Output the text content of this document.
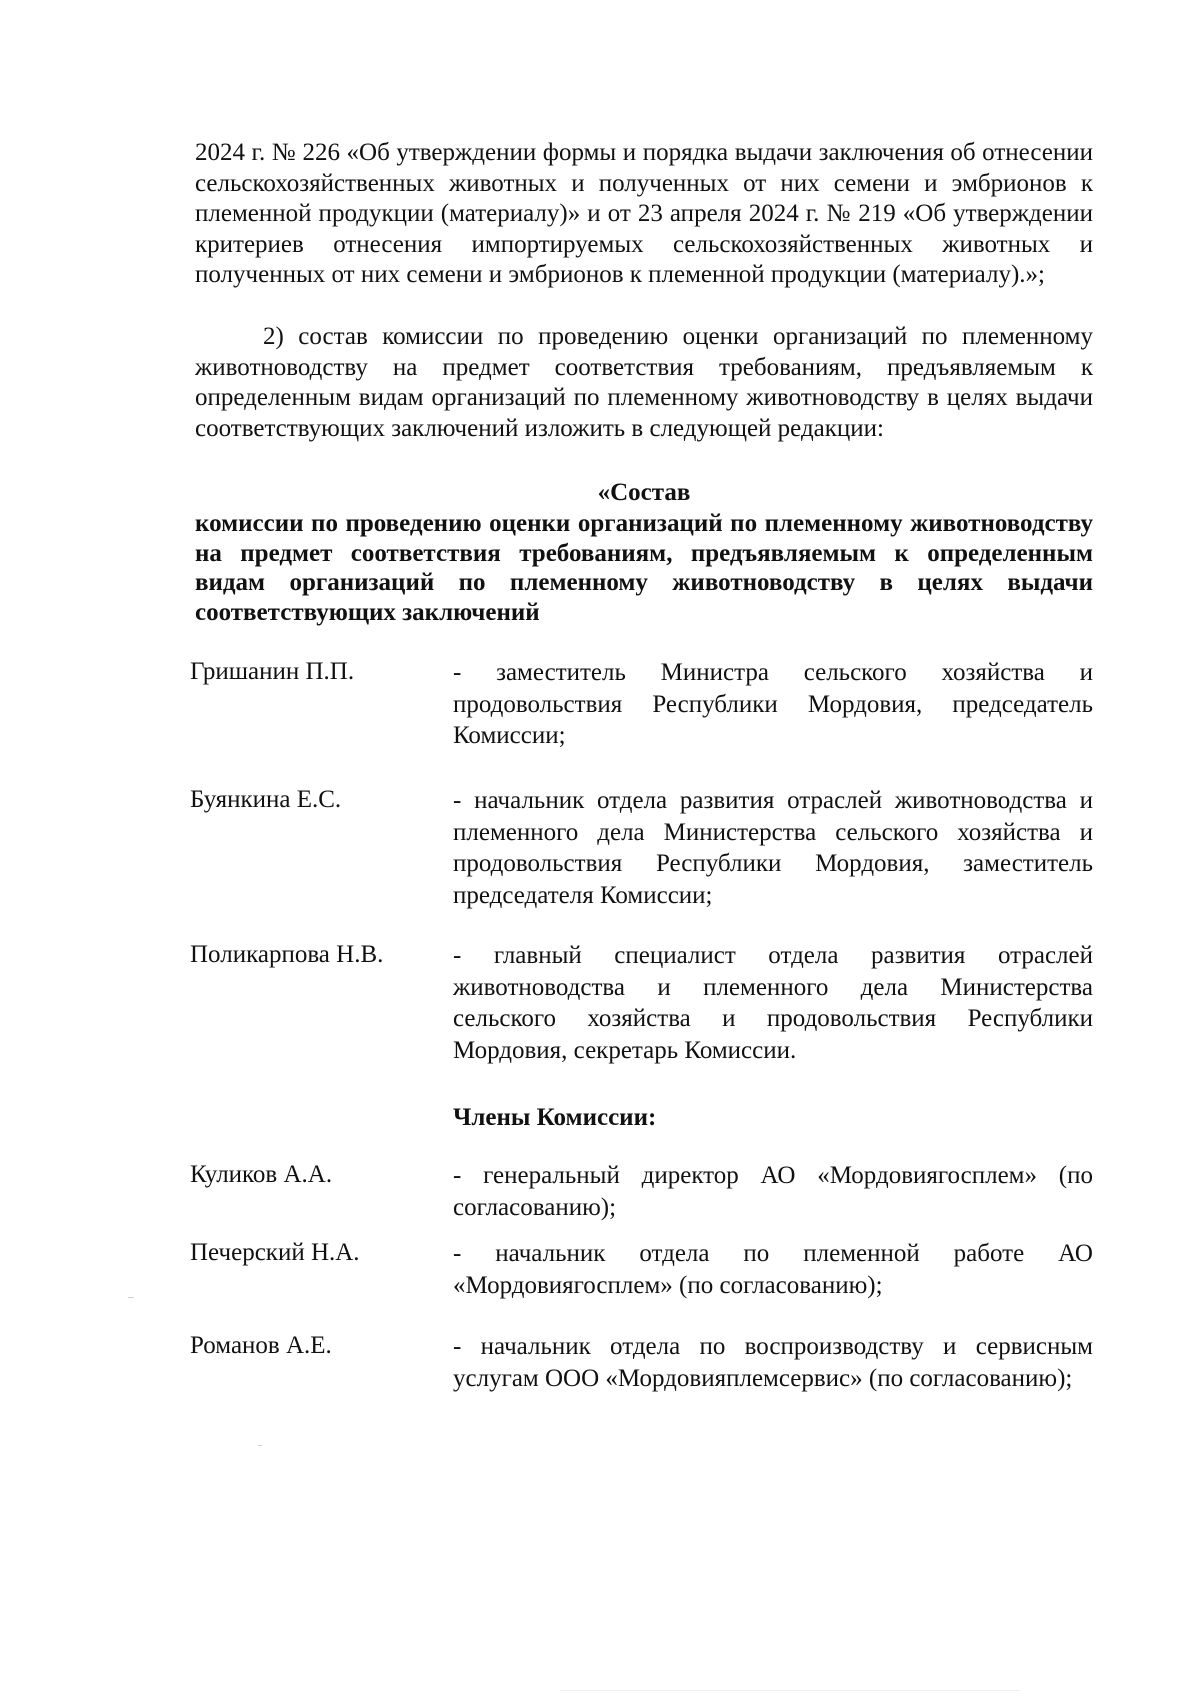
2024 г. № 226 «Об утверждении формы и порядка выдачи заключения об отнесении сельскохозяйственных животных и полученных от них семени и эмбрионов к племенной продукции (материалу)» и от 23 апреля 2024 г. № 219 «Об утверждении критериев отнесения импортируемых сельскохозяйственных животных и полученных от них семени и эмбрионов к племенной продукции (материалу).»;

2) состав комиссии по проведению оценки организаций по племенному животноводству на предмет соответствия требованиям, предъявляемым к определенным видам организаций по племенному животноводству в целях выдачи соответствующих заключений изложить в следующей редакции:

«Состав

комиссии по проведению оценки организаций по племенному животноводству на предмет соответствия требованиям, предъявляемым к определенным видам организаций по племенному животноводству в целях выдачи соответствующих заключений

Гришанин П.П.	- заместитель Министра сельского хозяйства и продовольствия Республики Мордовия, председатель Комиссии;

Буянкина Е.С.	- начальник отдела развития отраслей животноводства и племенного дела Министерства сельского хозяйства и продовольствия Республики Мордовия, заместитель председателя Комиссии;

Поликарпова Н.В.	- главный специалист отдела развития отраслей животноводства и племенного дела Министерства сельского хозяйства и продовольствия Республики Мордовия, секретарь Комиссии.

Члены Комиссии:

Куликов А.А.	- генеральный директор АО «Мордовиягосплем» (по согласованию);

Печерский Н.А.	- начальник отдела по племенной работе АО «Мордовиягосплем» (по согласованию);

Романов А.Е.	- начальник отдела по воспроизводству и сервисным услугам ООО «Мордовияплемсервис» (по согласованию);
